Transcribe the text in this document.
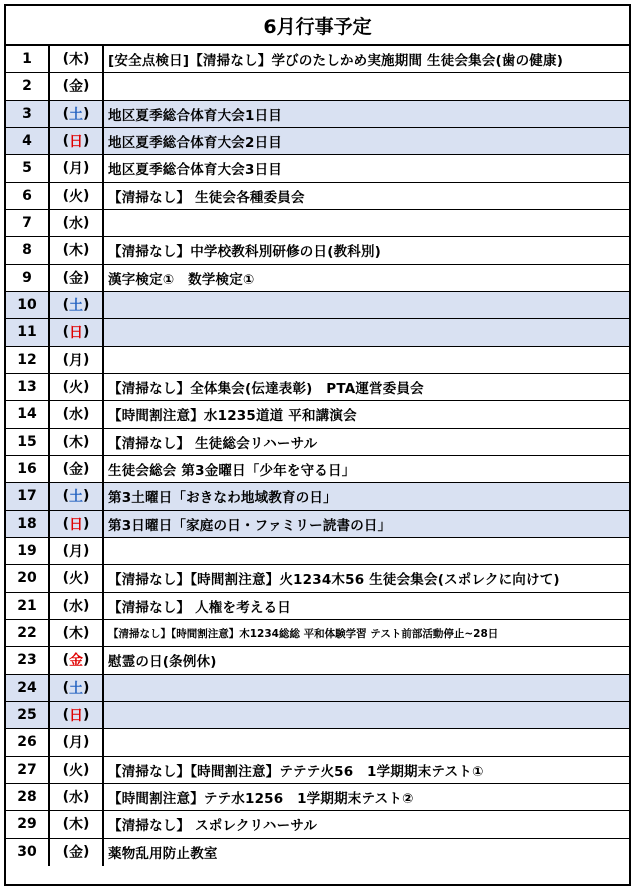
6月行事予定
1	( 木 ) [安全点検日]【清掃なし】学びのたしかめ実施期間 生徒会集会(歯の健康)
2	( 金 )
3	( 土 ) 地区夏季総合体育大会1日目
4	( 日 ) 地区夏季総合体育大会2日目
5	( 月 ) 地区夏季総合体育大会3日目
6	( 火 ) 【清掃なし】 生徒会各種委員会
7	( 水 )
8	( 木 ) 【清掃なし】中学校教科別研修の日(教科別)
9	( 金 ) 漢字検定①　数学検定①
10	( 土 )
11	( 日 )
12	( 月 )
13	( 火 ) 【清掃なし】全体集会(伝達表彰)　PTA運営委員会
14	( 水 ) 【時間割注意】水1235道道 平和講演会
15	( 木 ) 【清掃なし】 生徒総会リハーサル
16	( 金 ) 生徒会総会 第3金曜日「少年を守る日」
17	( 土 ) 第3土曜日「おきなわ地域教育の日」
18	( 日 ) 第3日曜日「家庭の日・ファミリー読書の日」
19	( 月 )
20	( 火 ) 【清掃なし】【時間割注意】火1234木56 生徒会集会(スポレクに向けて)
21	( 水 ) 【清掃なし】 人権を考える日
22	( 木 )	【清掃なし】【時間割注意】木1234総総 平和体験学習 テスト前部活動停止~28日
23	( 金 ) 慰霊の日(条例休)
24	( 土 )
25	( 日 )
26	( 月 )
27	( 火 ) 【清掃なし】【時間割注意】テテテ火56　1学期期末テスト①
28	( 水 ) 【時間割注意】テテ水1256　1学期期末テスト②
29	( 木 ) 【清掃なし】 スポレクリハーサル
30	( 金 ) 薬物乱用防止教室
